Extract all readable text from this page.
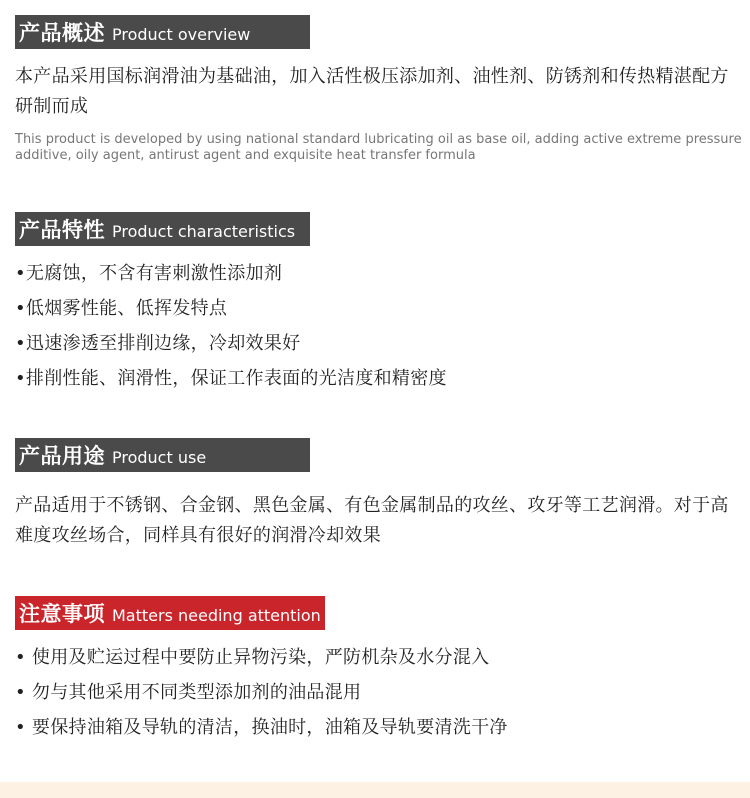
产品概述 Product overview

本产品采用国标润滑油为基础油，加入活性极压添加剂、油性剂、防锈剂和传热精湛配方研制而成

This product is developed by using national standard lubricating oil as base oil, adding active extreme pressure additive, oily agent, antirust agent and exquisite heat transfer formula

产品特性 Product characteristics
•无腐蚀，不含有害刺激性添加剂
•低烟雾性能、低挥发特点
•迅速渗透至排削边缘，冷却效果好
•排削性能、润滑性，保证工作表面的光洁度和精密度
产品用途 Product use

产品适用于不锈钢、合金钢、黑色金属、有色金属制品的攻丝、攻牙等工艺润滑。对于高难度攻丝场合，同样具有很好的润滑冷却效果

注意事项 Matters needing attention
• 使用及贮运过程中要防止异物污染，严防机杂及水分混入
• 勿与其他采用不同类型添加剂的油品混用
• 要保持油箱及导轨的清洁，换油时，油箱及导轨要清洗干净
